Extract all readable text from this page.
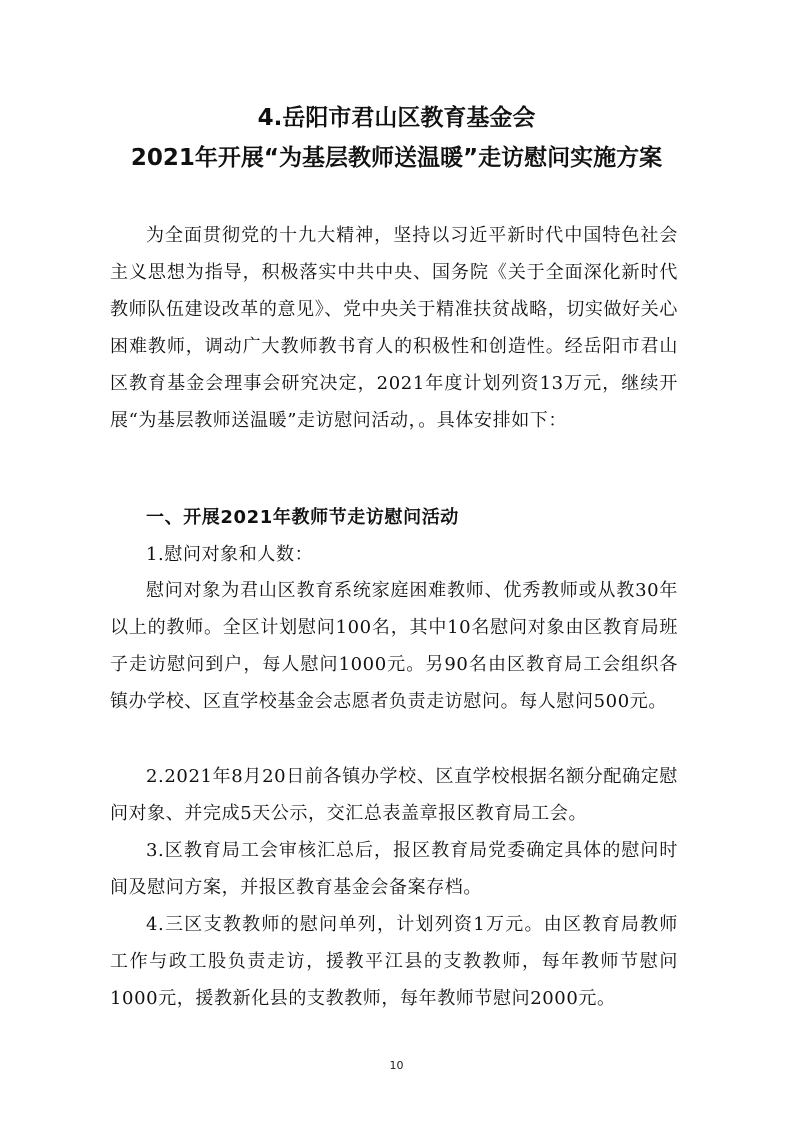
4.岳阳市君山区教育基金会
2021年开展“为基层教师送温暖”走访慰问实施方案

为全面贯彻党的十九大精神，坚持以习近平新时代中国特色社会主义思想为指导，积极落实中共中央、国务院《关于全面深化新时代教师队伍建设改革的意见》、党中央关于精准扶贫战略，切实做好关心困难教师，调动广大教师教书育人的积极性和创造性。经岳阳市君山区教育基金会理事会研究决定，2021年度计划列资13万元，继续开展“为基层教师送温暖”走访慰问活动，。具体安排如下：

一、开展2021年教师节走访慰问活动

1.慰问对象和人数：

慰问对象为君山区教育系统家庭困难教师、优秀教师或从教30年以上的教师。全区计划慰问100名，其中10名慰问对象由区教育局班子走访慰问到户，每人慰问1000元。另90名由区教育局工会组织各镇办学校、区直学校基金会志愿者负责走访慰问。每人慰问500元。

2.2021年8月20日前各镇办学校、区直学校根据名额分配确定慰问对象、并完成5天公示，交汇总表盖章报区教育局工会。

3.区教育局工会审核汇总后，报区教育局党委确定具体的慰问时间及慰问方案，并报区教育基金会备案存档。

4.三区支教教师的慰问单列，计划列资1万元。由区教育局教师工作与政工股负责走访，援教平江县的支教教师，每年教师节慰问1000元，援教新化县的支教教师，每年教师节慰问2000元。

10
